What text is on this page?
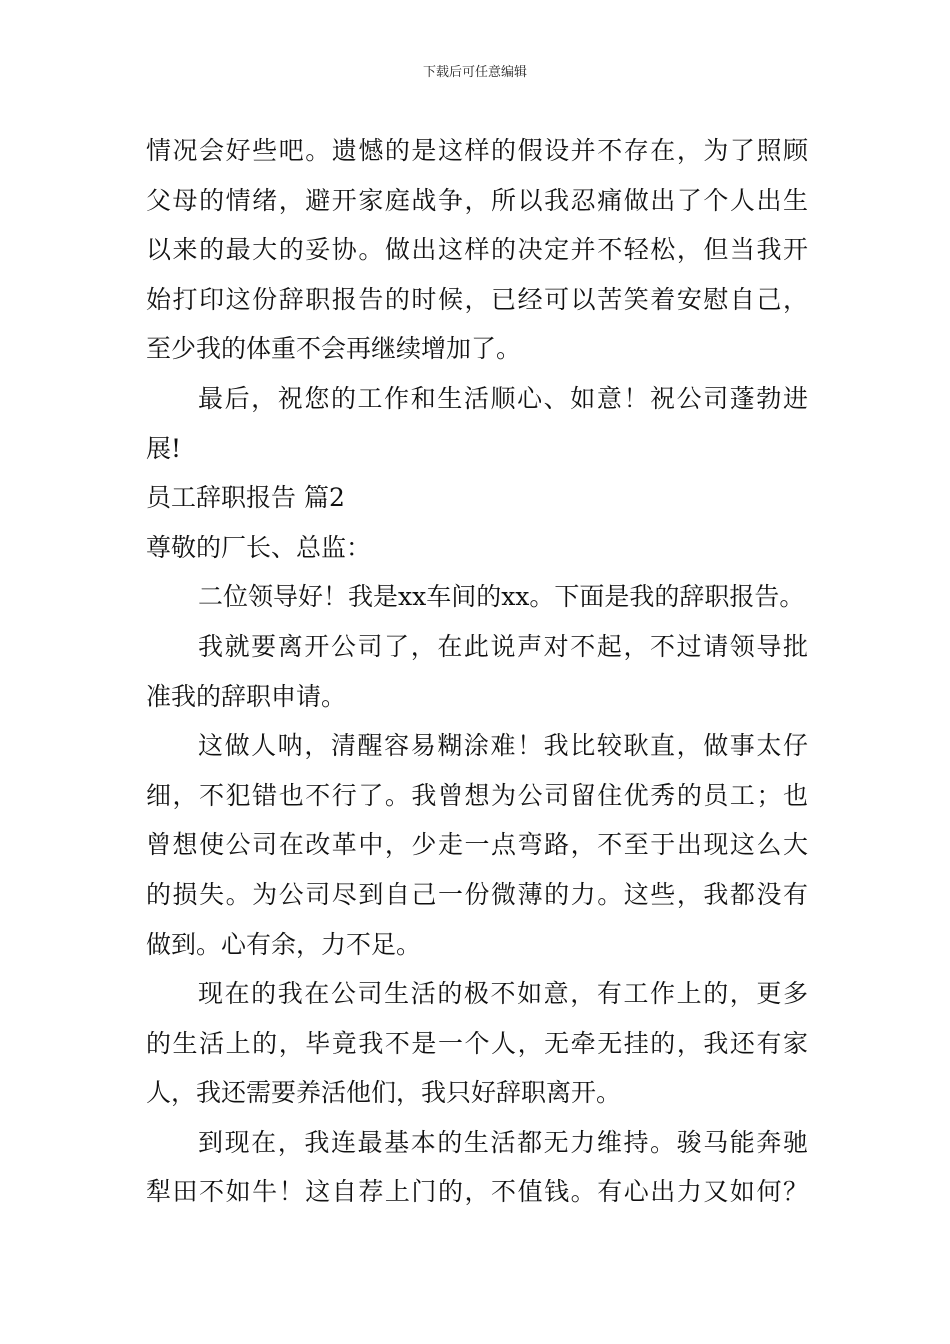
下载后可任意编辑
情况会好些吧。遗憾的是这样的假设并不存在，为了照顾
父母的情绪，避开家庭战争，所以我忍痛做出了个人出生
以来的最大的妥协。做出这样的决定并不轻松，但当我开
始打印这份辞职报告的时候，已经可以苦笑着安慰自己，
至少我的体重不会再继续增加了。
最后，祝您的工作和生活顺心、如意！祝公司蓬勃进
展!
员工辞职报告 篇2
尊敬的厂长、总监：
二位领导好！我是xx车间的xx。下面是我的辞职报告。
我就要离开公司了，在此说声对不起，不过请领导批
准我的辞职申请。
这做人呐，清醒容易糊涂难！我比较耿直，做事太仔
细，不犯错也不行了。我曾想为公司留住优秀的员工；也
曾想使公司在改革中，少走一点弯路，不至于出现这么大
的损失。为公司尽到自己一份微薄的力。这些，我都没有
做到。心有余，力不足。
现在的我在公司生活的极不如意，有工作上的，更多
的生活上的，毕竟我不是一个人，无牵无挂的，我还有家
人，我还需要养活他们，我只好辞职离开。
到现在，我连最基本的生活都无力维持。骏马能奔驰
犁田不如牛！这自荐上门的，不值钱。有心出力又如何？
